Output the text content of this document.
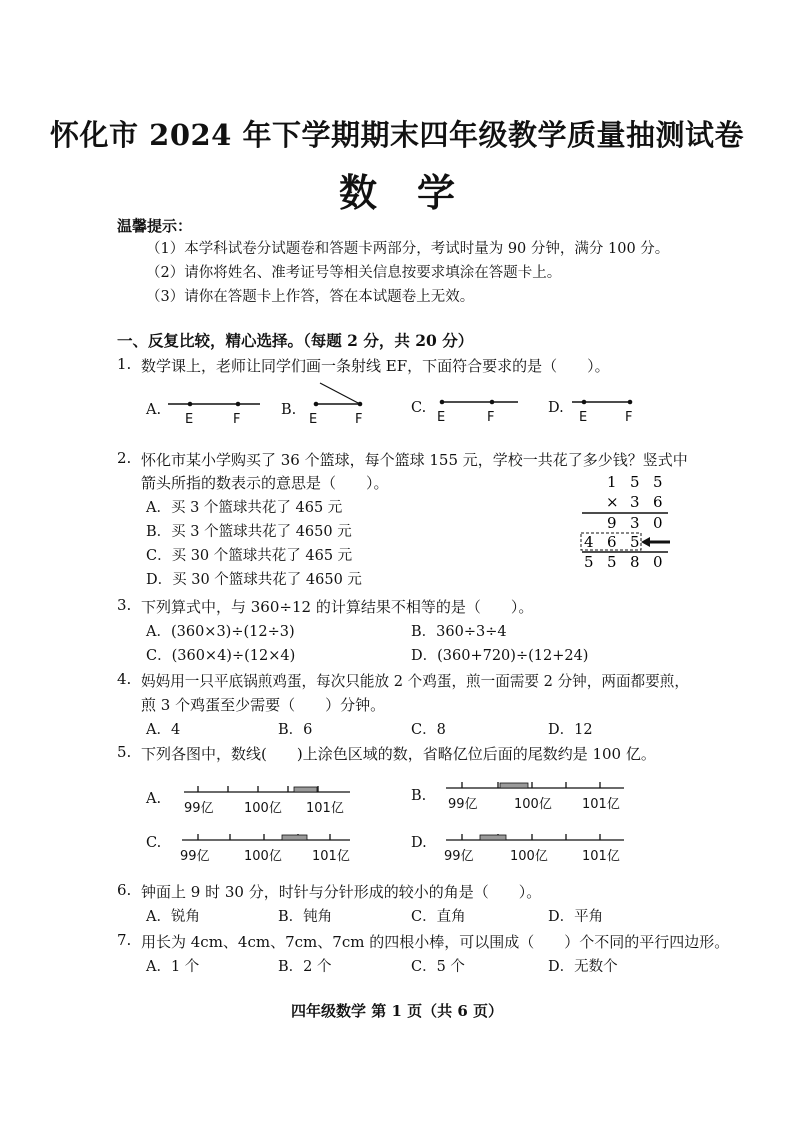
怀化市 2024 年下学期期末四年级教学质量抽测试卷
数学
温馨提示：
（1）本学科试卷分试题卷和答题卡两部分，考试时量为 90 分钟，满分 100 分。
（2）请你将姓名、准考证号等相关信息按要求填涂在答题卡上。
（3）请你在答题卡上作答，答在本试题卷上无效。
一、反复比较，精心选择。（每题 2 分，共 20 分）
1. 数学课上，老师让同学们画一条射线 EF，下面符合要求的是（　　）。
A.
E	F
B.
E	F
C.
E	F
D.
E	F
2. 怀化市某小学购买了 36 个篮球，每个篮球 155 元，学校一共花了多少钱？竖式中
箭头所指的数表示的意思是（　　）。
A．买 3 个篮球共花了 465 元
B．买 3 个篮球共花了 4650 元
C．买 30 个篮球共花了 465 元
D．买 30 个篮球共花了 4650 元
1 5 5
× 3 6
9 3 0
4 6 5
5 5 8 0
3. 下列算式中，与 360÷12 的计算结果不相等的是（　　）。
A．(360×3)÷(12÷3)	B．360÷3÷4
C．(360×4)÷(12×4)	D．(360+720)÷(12+24)
4. 妈妈用一只平底锅煎鸡蛋，每次只能放 2 个鸡蛋，煎一面需要 2 分钟，两面都要煎，
煎 3 个鸡蛋至少需要（　　）分钟。
A．4	B．6	C．8	D．12
5. 下列各图中，数线(　　)上涂色区域的数，省略亿位后面的尾数约是 100 亿。
A.
99亿 100亿 101亿
B.
99亿	100亿 101亿
C.
99亿	100亿 101亿
D.
99亿	100亿	101亿
6. 钟面上 9 时 30 分，时针与分针形成的较小的角是（　　）。
A．锐角	B．钝角	C．直角	D．平角
7. 用长为 4cm、4cm、7cm、7cm 的四根小棒，可以围成（　　）个不同的平行四边形。
A．1 个	B．2 个	C．5 个	D．无数个
四年级数学 第 1 页（共 6 页）
